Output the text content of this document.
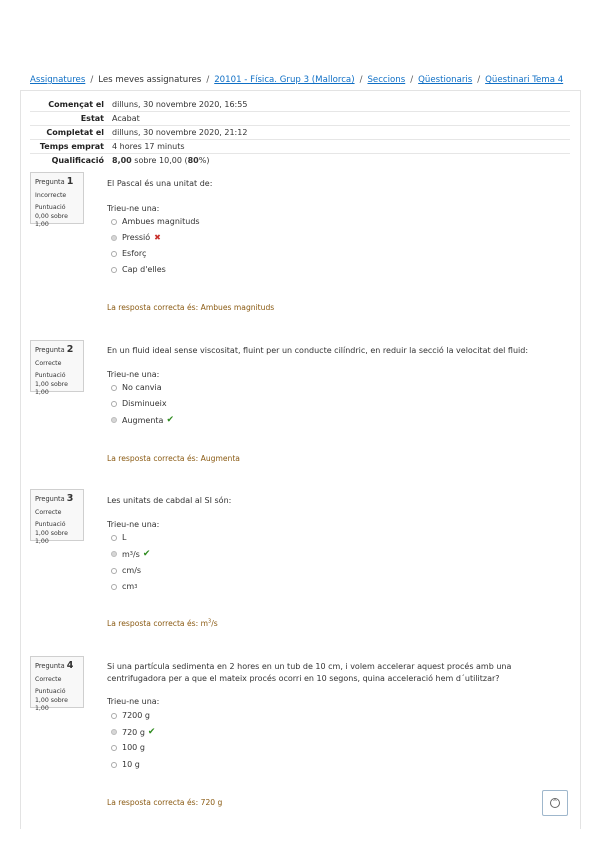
Assignatures / Les meves assignatures / 20101 - Física. Grup 3 (Mallorca) / Seccions / Qüestionaris / Qüestinari Tema 4
Començat el	dilluns, 30 novembre 2020, 16:55
Estat	Acabat
Completat el	dilluns, 30 novembre 2020, 21:12
Temps emprat	4 hores 17 minuts
Qualificació	8,00 sobre 10,00 (80%)
Pregunta 1
Incorrecte
Puntuació 0,00 sobre 1,00
El Pascal és una unitat de:
Trieu-ne una:
Ambues magnituds
Pressió ✖
Esforç
Cap d'elles
La resposta correcta és: Ambues magnituds
Pregunta 2
Correcte
Puntuació 1,00 sobre 1,00
En un fluid ideal sense viscositat, fluint per un conducte cilíndric, en reduir la secció la velocitat del fluid:
Trieu-ne una:
No canvia
Disminueix
Augmenta ✔
La resposta correcta és: Augmenta
Pregunta 3
Correcte
Puntuació 1,00 sobre 1,00
Les unitats de cabdal al SI són:
Trieu-ne una:
L
m 3 /s ✔
cm/s
cm 3
La resposta correcta és: $m^3/s$
Pregunta 4
Correcte
Puntuació 1,00 sobre 1,00
Si una partícula sedimenta en 2 hores en un tub de 10 cm, i volem accelerar aquest procés amb una centrifugadora per a que el mateix procés ocorri en 10 segons, quina acceleració hem d´utilitzar?
Trieu-ne una:
7200 g
720 g ✔
100 g
10 g
La resposta correcta és: 720 g	^
